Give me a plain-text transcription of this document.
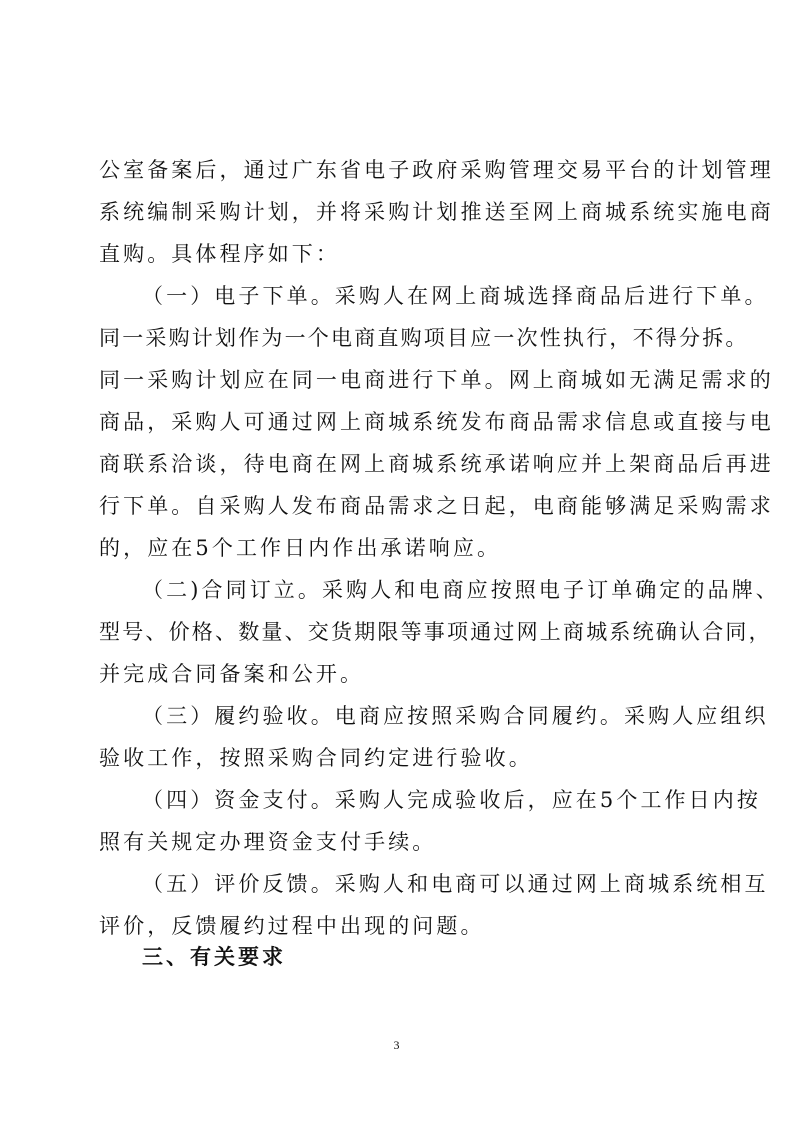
公室备案后，通过广东省电子政府采购管理交易平台的计划管理
系统编制采购计划，并将采购计划推送至网上商城系统实施电商
直购。具体程序如下：
（一）电子下单。采购人在网上商城选择商品后进行下单。
同一采购计划作为一个电商直购项目应一次性执行，不得分拆。
同一采购计划应在同一电商进行下单。网上商城如无满足需求的
商品，采购人可通过网上商城系统发布商品需求信息或直接与电
商联系洽谈，待电商在网上商城系统承诺响应并上架商品后再进
行下单。自采购人发布商品需求之日起，电商能够满足采购需求
的，应在5个工作日内作出承诺响应。
（二)合同订立。采购人和电商应按照电子订单确定的品牌、
型号、价格、数量、交货期限等事项通过网上商城系统确认合同，
并完成合同备案和公开。
（三）履约验收。电商应按照采购合同履约。采购人应组织
验收工作，按照采购合同约定进行验收。
（四）资金支付。采购人完成验收后，应在5个工作日内按
照有关规定办理资金支付手续。
（五）评价反馈。采购人和电商可以通过网上商城系统相互
评价，反馈履约过程中出现的问题。
三、有关要求
3
